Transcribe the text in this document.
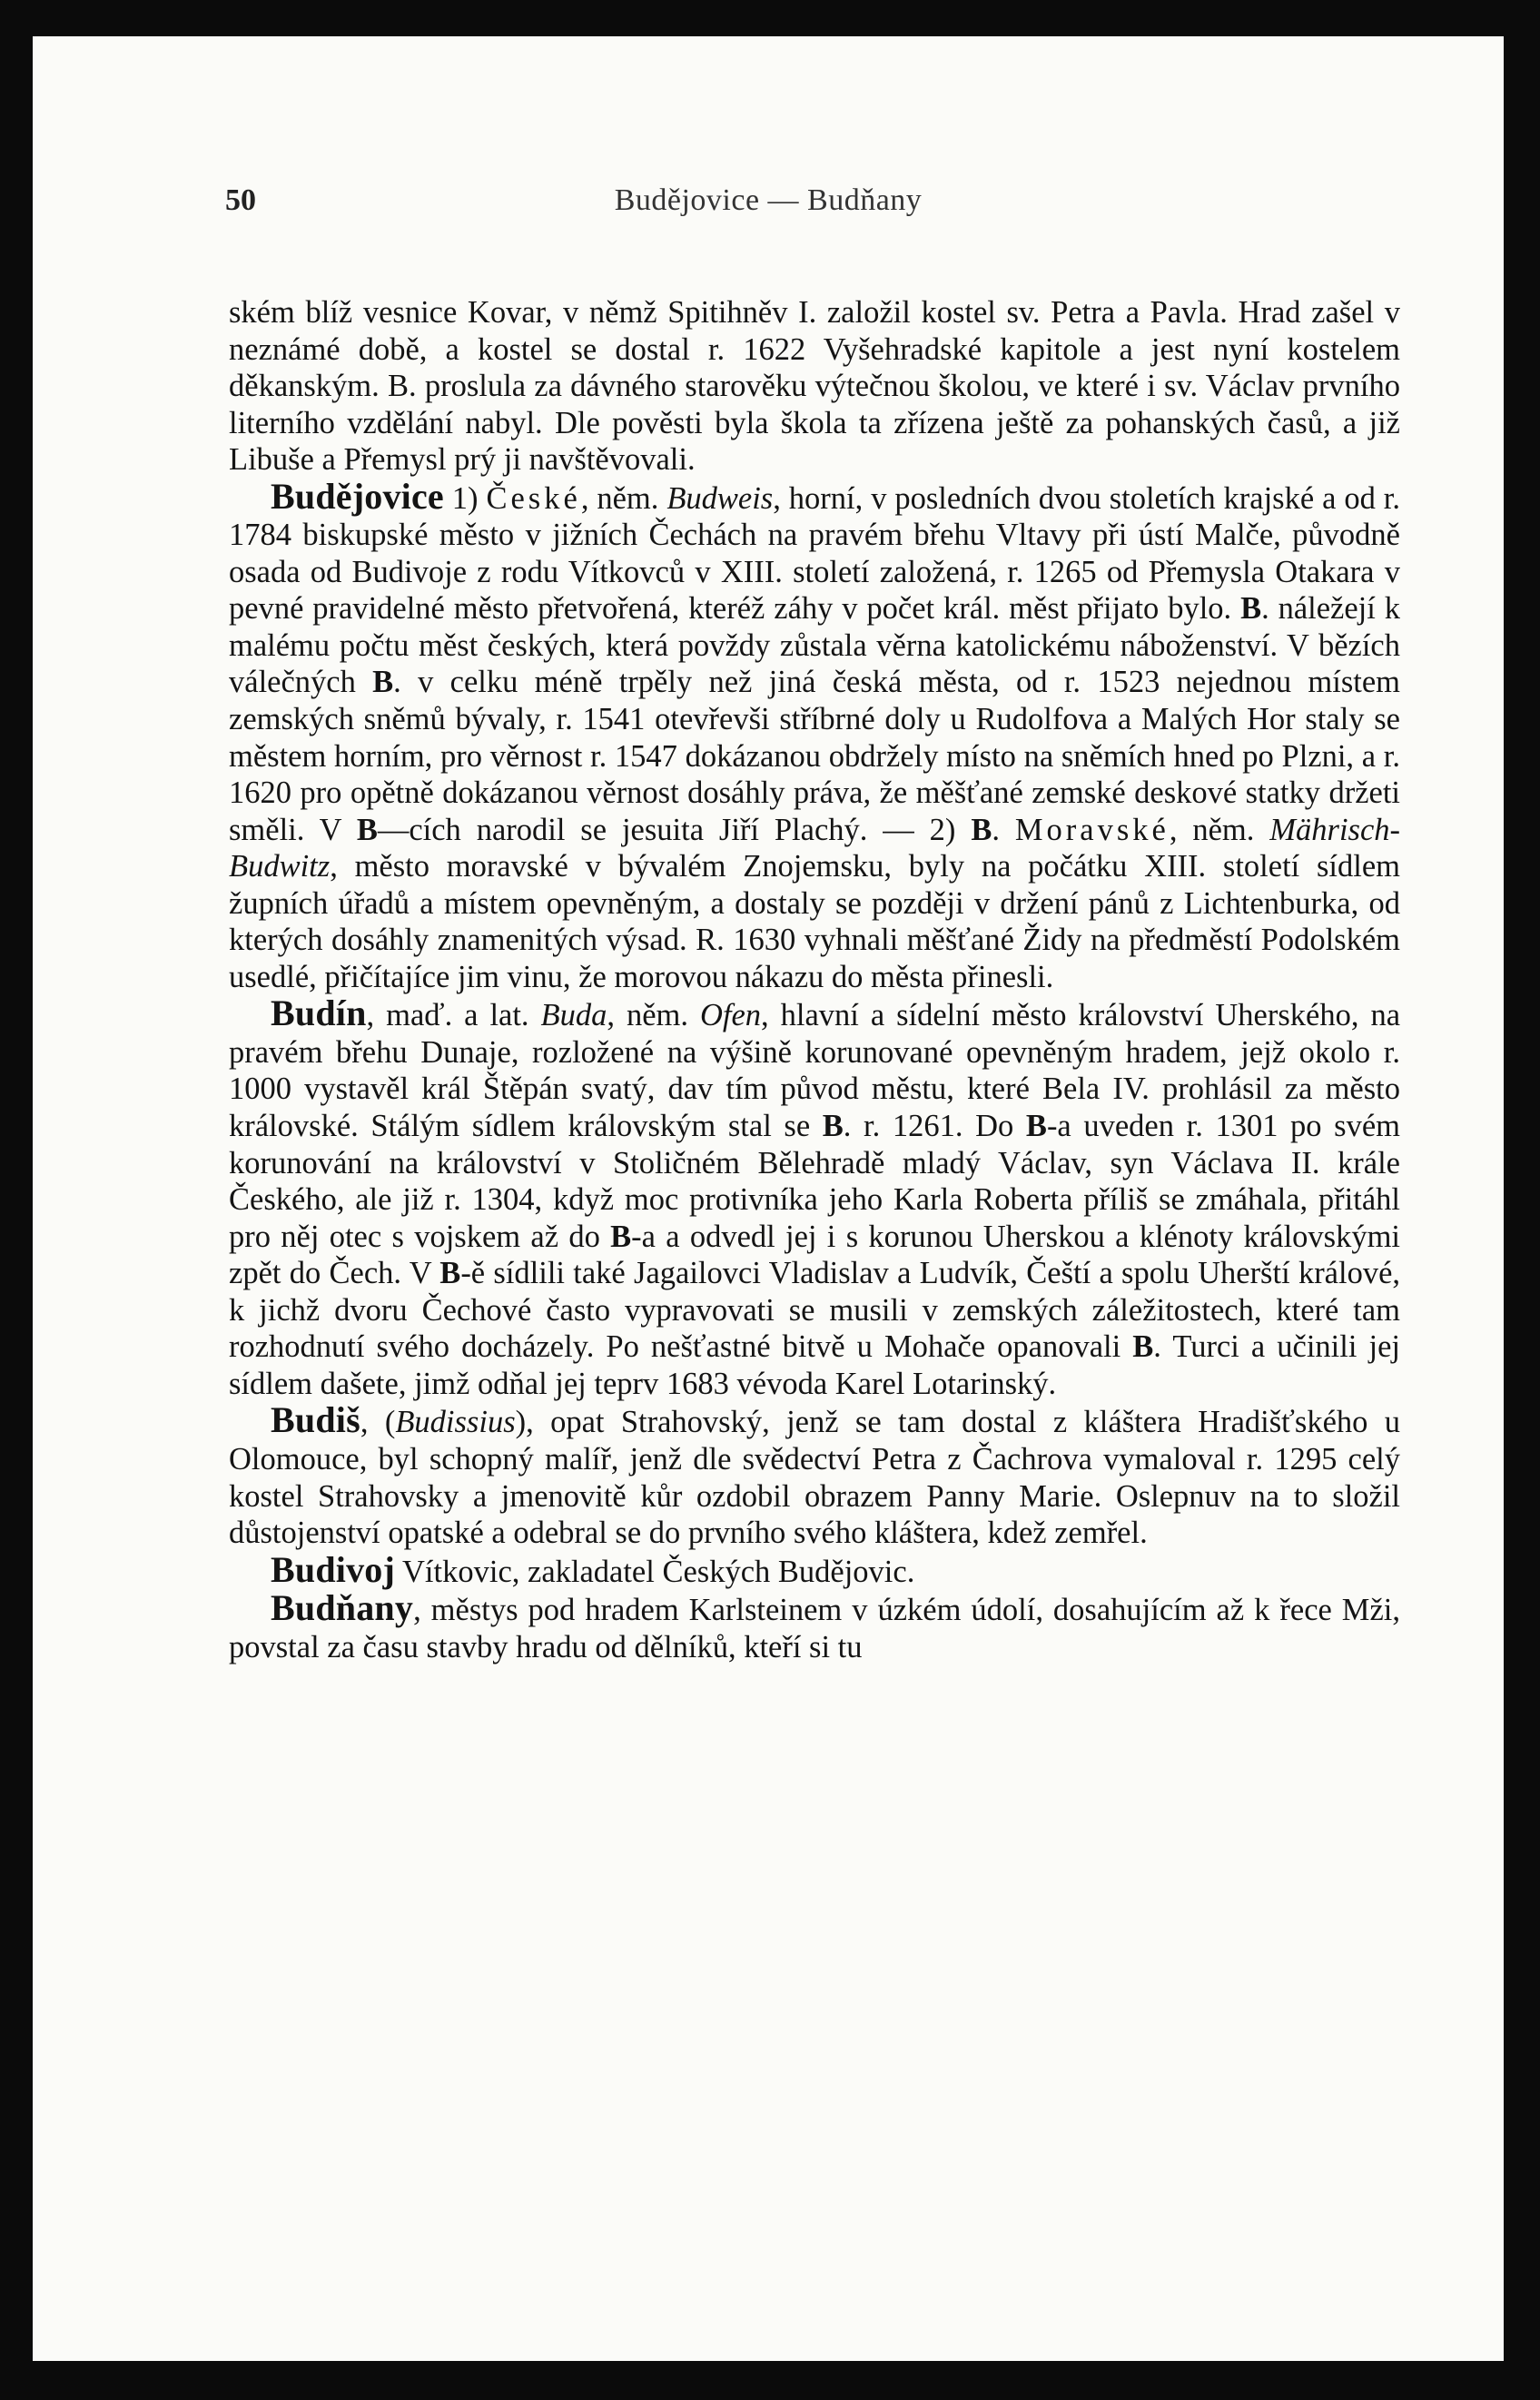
50	Budějovice — Budňany

ském blíž vesnice Kovar, v němž Spitihněv I. založil kostel sv. Petra a Pavla. Hrad zašel v neznámé době, a kostel se dostal r. 1622 Vyšehradské kapitole a jest nyní kostelem děkanským. B. proslula za dávného starověku výtečnou školou, ve které i sv. Václav prvního literního vzdělání nabyl. Dle pověsti byla škola ta zřízena ještě za pohanských časů, a již Libuše a Přemysl prý ji navštěvovali.

Budějovice 1) České, něm. Budweis, horní, v posledních dvou stoletích krajské a od r. 1784 biskupské město v jižních Čechách na pravém břehu Vltavy při ústí Malče, původně osada od Budivoje z rodu Vítkovců v XIII. století založená, r. 1265 od Přemysla Otakara v pevné pravidelné město přetvořená, kteréž záhy v počet král. měst přijato bylo. B. náležejí k malému počtu měst českých, která povždy zůstala věrna katolickému náboženství. V bězích válečných B. v celku méně trpěly než jiná česká města, od r. 1523 nejednou místem zemských sněmů bývaly, r. 1541 otevřevši stříbrné doly u Rudolfova a Malých Hor staly se městem horním, pro věrnost r. 1547 dokázanou obdržely místo na sněmích hned po Plzni, a r. 1620 pro opětně dokázanou věrnost dosáhly práva, že měšťané zemské deskové statky držeti směli. V B—cích narodil se jesuita Jiří Plachý. — 2) B. Moravské, něm. Mährisch-Budwitz, město moravské v bývalém Znojemsku, byly na počátku XIII. století sídlem župních úřadů a místem opevněným, a dostaly se později v držení pánů z Lichtenburka, od kterých dosáhly znamenitých výsad. R. 1630 vyhnali měšťané Židy na předměstí Podolském usedlé, přičítajíce jim vinu, že morovou nákazu do města přinesli.

Budín, maď. a lat. Buda, něm. Ofen, hlavní a sídelní město království Uherského, na pravém břehu Dunaje, rozložené na výšině korunované opevněným hradem, jejž okolo r. 1000 vystavěl král Štěpán svatý, dav tím původ městu, které Bela IV. prohlásil za město královské. Stálým sídlem královským stal se B. r. 1261. Do B-a uveden r. 1301 po svém korunování na království v Stoličném Bělehradě mladý Václav, syn Václava II. krále Českého, ale již r. 1304, když moc protivníka jeho Karla Roberta příliš se zmáhala, přitáhl pro něj otec s vojskem až do B-a a odvedl jej i s korunou Uherskou a klénoty královskými zpět do Čech. V B-ě sídlili také Jagailovci Vladislav a Ludvík, Čeští a spolu Uherští králové, k jichž dvoru Čechové často vypravovati se musili v zemských záležitostech, které tam rozhodnutí svého docházely. Po nešťastné bitvě u Mohače opanovali B. Turci a učinili jej sídlem dašete, jimž odňal jej teprv 1683 vévoda Karel Lotarinský.

Budiš, (Budissius), opat Strahovský, jenž se tam dostal z kláštera Hradišťského u Olomouce, byl schopný malíř, jenž dle svědectví Petra z Čachrova vymaloval r. 1295 celý kostel Strahovsky a jmenovitě kůr ozdobil obrazem Panny Marie. Oslepnuv na to složil důstojenství opatské a odebral se do prvního svého kláštera, kdež zemřel.

Budivoj Vítkovic, zakladatel Českých Budějovic.

Budňany, městys pod hradem Karlsteinem v úzkém údolí, dosahujícím až k řece Mži, povstal za času stavby hradu od dělníků, kteří si tu
